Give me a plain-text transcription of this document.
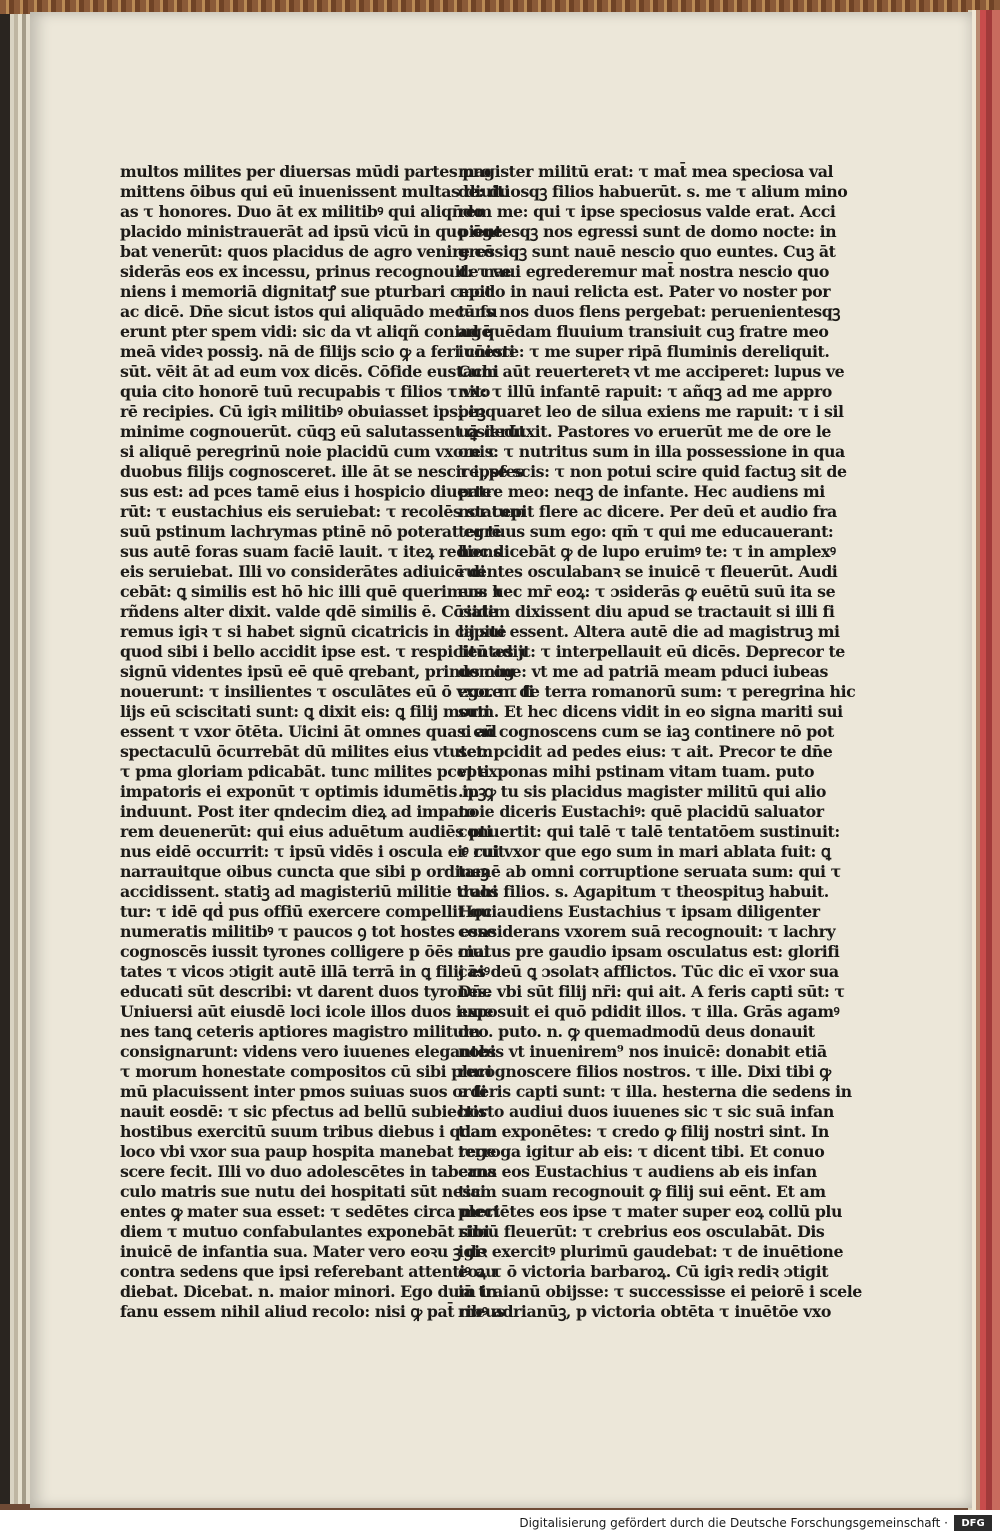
multos milites per diuersas mūdi partes pro
mittens ōibus qui eū inuenissent multas diuiti
as τ honores. Duo āt ex militibꝰ qui aliqn̄do
placido ministrauerāt ad ipsū vicū in quo ōge
bat venerūt: quos placidus de agro venire cō
siderās eos ex incessu, prinus recognouit: τ ve
niens i memoriā dignitatꝭ sue pturbari cepit
ac dicē. Dn̄e sicut istos qui aliquādo mecū fu
erunt pter spem vidi: sic da vt aliqñ coniugē
meā videꝛ possiꝫ. nā de filijs scio ꝙ a feri cōesti
sūt. vēit āt ad eum vox dicēs. Cōfide eustachi
quia cito honorē tuū recupabis τ filios τ vxo
rē recipies. Cū igiꝛ militibꝰ obuiasset ipsi eꝫ
minime cognouerūt. cūqꝫ eū salutassent ꝗsierūt
si aliquē peregrinū noie placidū cum vxore τ
duobus filijs cognosceret. ille āt se nescire ,pfes
sus est: ad pces tamē eius i hospicio diuerte
rūt: τ eustachius eis seruiebat: τ recolēs statum
suū pstinum lachrymas ptinē nō poterat egrē
sus autē foras suam faciē lauit. τ iteꝝ rediens
eis seruiebat. Illi vo considerātes adiuicē di
cebāt: ꝗ similis est hō hic illi quē querimus: τ
rñdens alter dixit. valde qdē similis ē. Cōside
remus igiꝛ τ si habet signū cicatricis in capite
quod sibi i bello accidit ipse est. τ respicientes τ
signū videntes ipsū eē quē qrebant, prinus cog
nouerunt: τ insilientes τ osculātes eū ō vxore τ fi
lijs eū sciscitati sunt: ꝗ dixit eis: ꝗ filij morti
essent τ vxor ōtēta. Uicini āt omnes quasi ad
spectaculū ōcurrebāt dū milites eius vtutem
τ pma gloriam pdicabāt. tunc milites pcepti
impatoris ei exponūt τ optimis idumētis ipꝫ
induunt. Post iter qndecim dieꝝ ad impato
rem deuenerūt: qui eius aduētum audiēs pti
nus eidē occurrit: τ ipsū vidēs i oscula eiꝰ ruit
narrauitque oibus cuncta que sibi p ordineꝫ
accidissent. statiꝫ ad magisteriū militie trahi
tur: τ idē qḋ pus offiū exercere compellit qui
numeratis militibꝰ τ paucos ꝯ tot hostes esse
cognoscēs iussit tyrones colligere p ōēs ciui
tates τ vicos ɔtigit autē illā terrā in ꝗ filij eiꝰ
educati sūt describi: vt darent duos tyrones.
Uniuersi aūt eiusdē loci icole illos duos iuue
nes tanꝗ ceteris aptiores magistro militum
consignarunt: videns vero iuuenes elegantes
τ morum honestate compositos cū sibi pluri
mū placuissent inter pmos suiuas suos ordi
nauit eosdē: τ sic pfectus ad bellū subiectis
hostibus exercitū suum tribus diebus i qdam
loco vbi vxor sua paup hospita manebat rege
scere fecit. Illi vo duo adolescētes in taberna
culo matris sue nutu dei hospitati sūt nesci
entes ꝙ mater sua esset: τ sedētes circa meri
diem τ mutuo confabulantes exponebāt sibi
inuicē de infantia sua. Mater vero eoꝛu ꝫ de
contra sedens que ipsi referebant attentiꝰ au
diebat. Dicebat. n. maior minori. Ego dum in
fanu essem nihil aliud recolo: nisi ꝙ pat̄ meus
magister militū erat: τ mat̄ mea speciosa val
de: duosqꝫ filios habuerūt. s. me τ alium mino
rem me: qui τ ipse speciosus valde erat. Acci
pientesqꝫ nos egressi sunt de domo nocte: in
gressiqꝫ sunt nauē nescio quo euntes. Cuꝫ āt
de naui egrederemur mat̄ nostra nescio quo
modo in naui relicta est. Pater vo noster por
tans nos duos flens pergebat: peruenientesqꝫ
ad quēdam fluuium transiuit cuꝫ fratre meo
iuniore: τ me super ripā fluminis dereliquit.
Cum aūt reuerteretꝛ vt me acciperet: lupus ve
nit: τ illū infantē rapuit: τ añqꝫ ad me appro
pinquaret leo de silua exiens me rapuit: τ i sil
uā deduxit. Pastores vo eruerūt me de ore le
onis: τ nutritus sum in illa possessione in qua
τ ipse scis: τ non potui scire quid factuꝫ sit de
patre meo: neqꝫ de infante. Hec audiens mi
nor cepit flere ac dicere. Per deū et audio fra
ter tuus sum ego: qm̄ τ qui me educauerant:
hoc dicebāt ꝙ de lupo eruimꝰ te: τ in amplexꝰ
ruentes osculabanꝛ se inuicē τ fleuerūt. Audi
ens hec mr̄ eoꝝ: τ ɔsiderās ꝙ euētū suū ita se
riatim dixissent diu apud se tractauit si illi fi
lij sui essent. Altera autē die ad magistruꝫ mi
litū adijt: τ interpellauit eū dicēs. Deprecor te
domine: vt me ad patriā meam pduci iubeas
ego. n. de terra romanorū sum: τ peregrina hic
sum. Et hec dicens vidit in eo signa mariti sui
τ eū cognoscens cum se iaꝫ continere nō pot
set: pcidit ad pedes eius: τ ait. Precor te dn̄e
vt exponas mihi pstinam vitam tuam. puto
.n. ꝙ tu sis placidus magister militū qui alio
noie diceris Eustachiꝰ: quē placidū saluator
conuertit: qui talē τ talē tentatōem sustinuit:
τ cui vxor que ego sum in mari ablata fuit: ꝗ
tamē ab omni corruptione seruata sum: qui τ
duos filios. s. Agapitum τ theospituꝫ habuit.
Hoc audiens Eustachius τ ipsam diligenter
considerans vxorem suā recognouit: τ lachry
matus pre gaudio ipsam osculatus est: glorifi
cās deū ꝗ ɔsolatꝛ afflictos. Tūc dic eī vxor sua
Dn̄e vbi sūt filij nr̄i: qui ait. A feris capti sūt: τ
exposuit ei quō pdidit illos. τ illa. Grās agamꝰ
deo. puto. n. ꝙ quemadmodū deus donauit
nobis vt inuenirem⁹ nos inuicē: donabit etiā
recognoscere filios nostros. τ ille. Dixi tibi ꝙ
a feris capti sunt: τ illa. hesterna die sedens in
horto audiui duos iuuenes sic τ sic suā infan
tiam exponētes: τ credo ꝙ filij nostri sint. In
terroga igitur ab eis: τ dicent tibi. Et conuo
cans eos Eustachius τ audiens ab eis infan
tiam suam recognouit ꝙ filij sui eēnt. Et am
plectētes eos ipse τ mater super eoꝝ collū plu
rimū fleuerūt: τ crebrius eos osculabāt. Dis
igiꝛ exercitꝰ plurimū gaudebat: τ de inuētione
eoꝝ τ ō victoria barbaroꝝ. Cū igiꝛ rediꝛ ɔtigit
iā traianū obijsse: τ successisse ei peiorē i scele
ribꝰ adrianūꝫ, p victoria obtēta τ inuētōe vxo
Digitalisierung gefördert durch die Deutsche Forschungsgemeinschaft ·	DFG
